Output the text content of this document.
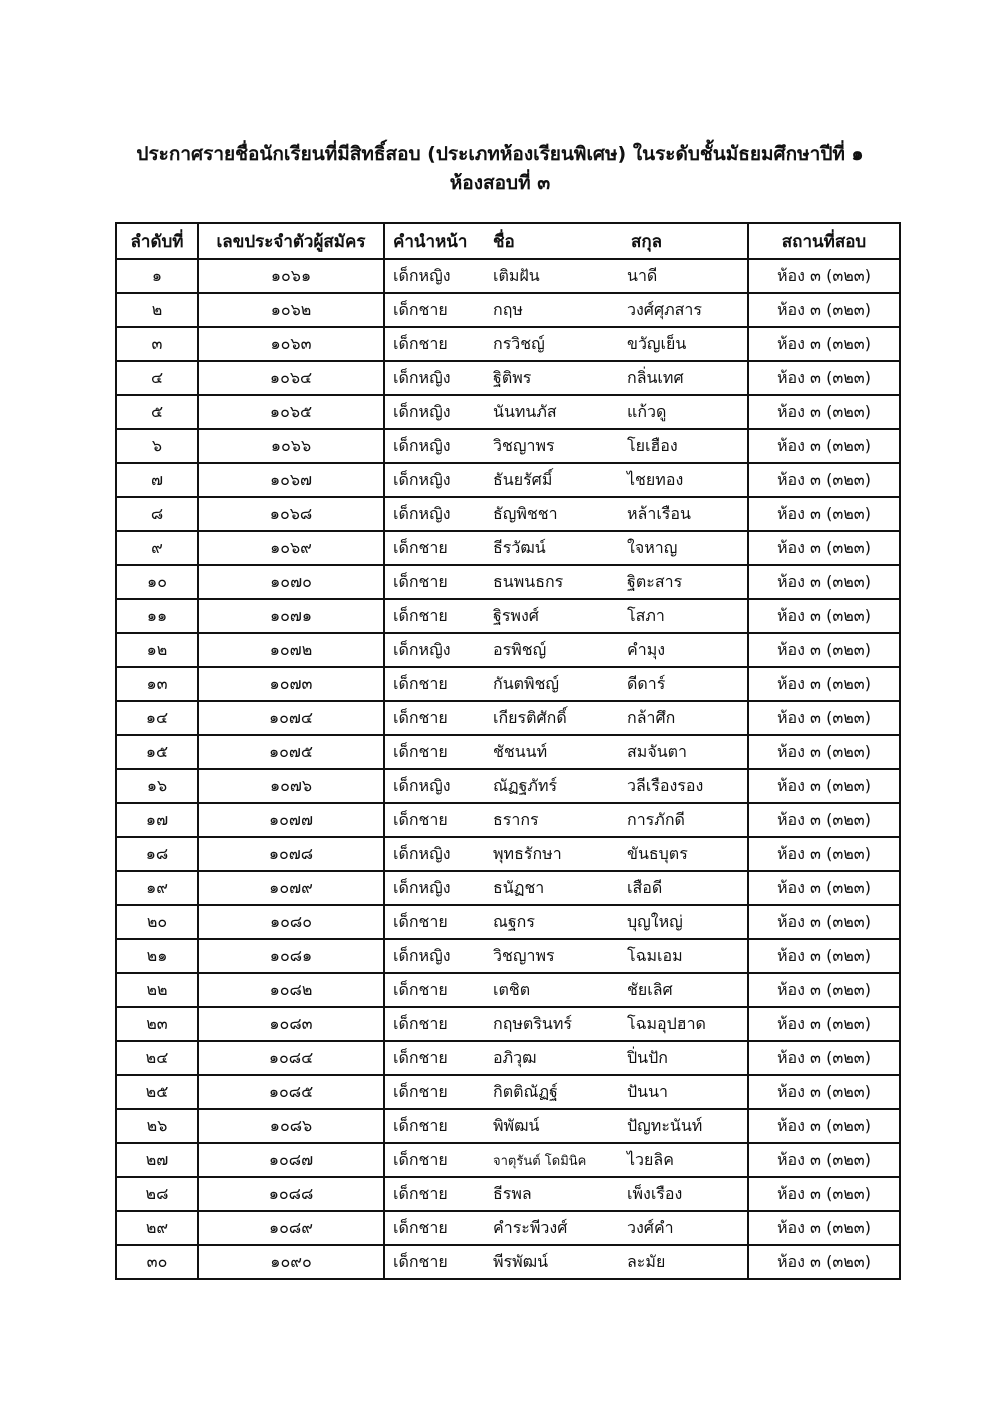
ประกาศรายชื่อนักเรียนที่มีสิทธิ์สอบ (ประเภทห้องเรียนพิเศษ) ในระดับชั้นมัธยมศึกษาปีที่ ๑
ห้องสอบที่ ๓
ลำดับที่	เลขประจำตัวผู้สมัคร	คำนำหน้า	ชื่อ	สกุล	สถานที่สอบ
๑	๑๐๖๑	เด็กหญิง	เติมฝัน	นาดี	ห้อง ๓ (๓๒๓)
๒	๑๐๖๒	เด็กชาย	กฤษ	วงศ์ศุภสาร	ห้อง ๓ (๓๒๓)
๓	๑๐๖๓	เด็กชาย	กรวิชญ์	ขวัญเย็น	ห้อง ๓ (๓๒๓)
๔	๑๐๖๔	เด็กหญิง	ฐิติพร	กลิ่นเทศ	ห้อง ๓ (๓๒๓)
๕	๑๐๖๕	เด็กหญิง	นันทนภัส	แก้วดู	ห้อง ๓ (๓๒๓)
๖	๑๐๖๖	เด็กหญิง	วิชญาพร	โยเฮือง	ห้อง ๓ (๓๒๓)
๗	๑๐๖๗	เด็กหญิง	ธันยรัศมิ์	ไชยทอง	ห้อง ๓ (๓๒๓)
๘	๑๐๖๘	เด็กหญิง	ธัญพิชชา	หล้าเรือน	ห้อง ๓ (๓๒๓)
๙	๑๐๖๙	เด็กชาย	ธีรวัฒน์	ใจหาญ	ห้อง ๓ (๓๒๓)
๑๐	๑๐๗๐	เด็กชาย	ธนพนธกร	ฐิตะสาร	ห้อง ๓ (๓๒๓)
๑๑	๑๐๗๑	เด็กชาย	ฐิรพงศ์	โสภา	ห้อง ๓ (๓๒๓)
๑๒	๑๐๗๒	เด็กหญิง	อรพิชญ์	คำมุง	ห้อง ๓ (๓๒๓)
๑๓	๑๐๗๓	เด็กชาย	กันตพิชญ์	ดีดาร์	ห้อง ๓ (๓๒๓)
๑๔	๑๐๗๔	เด็กชาย	เกียรติศักดิ์	กล้าศึก	ห้อง ๓ (๓๒๓)
๑๕	๑๐๗๕	เด็กชาย	ชัชนนท์	สมจันตา	ห้อง ๓ (๓๒๓)
๑๖	๑๐๗๖	เด็กหญิง	ณัฏฐภัทร์	วลีเรืองรอง	ห้อง ๓ (๓๒๓)
๑๗	๑๐๗๗	เด็กชาย	ธรากร	การภักดี	ห้อง ๓ (๓๒๓)
๑๘	๑๐๗๘	เด็กหญิง	พุทธรักษา	ขันธบุตร	ห้อง ๓ (๓๒๓)
๑๙	๑๐๗๙	เด็กหญิง	ธนัฏชา	เสือดี	ห้อง ๓ (๓๒๓)
๒๐	๑๐๘๐	เด็กชาย	ณฐกร	บุญใหญ่	ห้อง ๓ (๓๒๓)
๒๑	๑๐๘๑	เด็กหญิง	วิชญาพร	โฉมเอม	ห้อง ๓ (๓๒๓)
๒๒	๑๐๘๒	เด็กชาย	เตชิต	ชัยเลิศ	ห้อง ๓ (๓๒๓)
๒๓	๑๐๘๓	เด็กชาย	กฤษตรินทร์	โฉมอุปฮาด	ห้อง ๓ (๓๒๓)
๒๔	๑๐๘๔	เด็กชาย	อภิวุฒ	ปิ่นปัก	ห้อง ๓ (๓๒๓)
๒๕	๑๐๘๕	เด็กชาย	กิตติณัฏฐ์	ปันนา	ห้อง ๓ (๓๒๓)
๒๖	๑๐๘๖	เด็กชาย	พิพัฒน์	ปัญทะนันท์	ห้อง ๓ (๓๒๓)
๒๗	๑๐๘๗	เด็กชาย	จาตุรันต์ โดมินิค	ไวยลิค	ห้อง ๓ (๓๒๓)
๒๘	๑๐๘๘	เด็กชาย	ธีรพล	เพ็งเรือง	ห้อง ๓ (๓๒๓)
๒๙	๑๐๘๙	เด็กชาย	คำระพีวงศ์	วงศ์คำ	ห้อง ๓ (๓๒๓)
๓๐	๑๐๙๐	เด็กชาย	พีรพัฒน์	ละมัย	ห้อง ๓ (๓๒๓)
